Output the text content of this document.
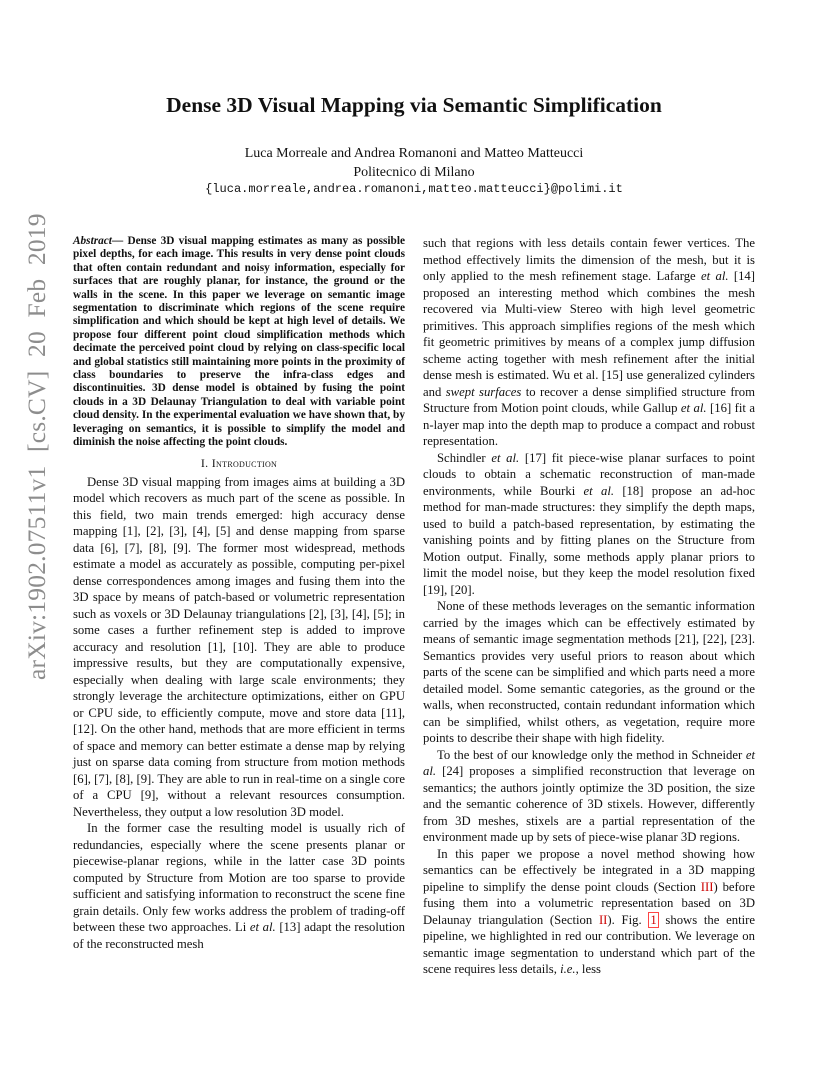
arXiv:1902.07511v1 [cs.CV] 20 Feb 2019
Dense 3D Visual Mapping via Semantic Simplification
Luca Morreale and Andrea Romanoni and Matteo Matteucci
Politecnico di Milano
{luca.morreale,andrea.romanoni,matteo.matteucci}@polimi.it

Abstract— Dense 3D visual mapping estimates as many as possible pixel depths, for each image. This results in very dense point clouds that often contain redundant and noisy information, especially for surfaces that are roughly planar, for instance, the ground or the walls in the scene. In this paper we leverage on semantic image segmentation to discriminate which regions of the scene require simplification and which should be kept at high level of details. We propose four different point cloud simplification methods which decimate the perceived point cloud by relying on class-specific local and global statistics still maintaining more points in the proximity of class boundaries to preserve the infra-class edges and discontinuities. 3D dense model is obtained by fusing the point clouds in a 3D Delaunay Triangulation to deal with variable point cloud density. In the experimental evaluation we have shown that, by leveraging on semantics, it is possible to simplify the model and diminish the noise affecting the point clouds.

I. Introduction

Dense 3D visual mapping from images aims at building a 3D model which recovers as much part of the scene as possible. In this field, two main trends emerged: high accuracy dense mapping [1], [2], [3], [4], [5] and dense mapping from sparse data [6], [7], [8], [9]. The former most widespread, methods estimate a model as accurately as possible, computing per-pixel dense correspondences among images and fusing them into the 3D space by means of patch-based or volumetric representation such as voxels or 3D Delaunay triangulations [2], [3], [4], [5]; in some cases a further refinement step is added to improve accuracy and resolution [1], [10]. They are able to produce impressive results, but they are computationally expensive, especially when dealing with large scale environments; they strongly leverage the architecture optimizations, either on GPU or CPU side, to efficiently compute, move and store data [11], [12]. On the other hand, methods that are more efficient in terms of space and memory can better estimate a dense map by relying just on sparse data coming from structure from motion methods [6], [7], [8], [9]. They are able to run in real-time on a single core of a CPU [9], without a relevant resources consumption. Nevertheless, they output a low resolution 3D model.

In the former case the resulting model is usually rich of redundancies, especially where the scene presents planar or piecewise-planar regions, while in the latter case 3D points computed by Structure from Motion are too sparse to provide sufficient and satisfying information to reconstruct the scene fine grain details. Only few works address the problem of trading-off between these two approaches. Li et al. [13] adapt the resolution of the reconstructed mesh

such that regions with less details contain fewer vertices. The method effectively limits the dimension of the mesh, but it is only applied to the mesh refinement stage. Lafarge et al. [14] proposed an interesting method which combines the mesh recovered via Multi-view Stereo with high level geometric primitives. This approach simplifies regions of the mesh which fit geometric primitives by means of a complex jump diffusion scheme acting together with mesh refinement after the initial dense mesh is estimated. Wu et al. [15] use generalized cylinders and swept surfaces to recover a dense simplified structure from Structure from Motion point clouds, while Gallup et al. [16] fit a n-layer map into the depth map to produce a compact and robust representation.

Schindler et al. [17] fit piece-wise planar surfaces to point clouds to obtain a schematic reconstruction of man-made environments, while Bourki et al. [18] propose an ad-hoc method for man-made structures: they simplify the depth maps, used to build a patch-based representation, by estimating the vanishing points and by fitting planes on the Structure from Motion output. Finally, some methods apply planar priors to limit the model noise, but they keep the model resolution fixed [19], [20].

None of these methods leverages on the semantic information carried by the images which can be effectively estimated by means of semantic image segmentation methods [21], [22], [23]. Semantics provides very useful priors to reason about which parts of the scene can be simplified and which parts need a more detailed model. Some semantic categories, as the ground or the walls, when reconstructed, contain redundant information which can be simplified, whilst others, as vegetation, require more points to describe their shape with high fidelity.

To the best of our knowledge only the method in Schneider et al. [24] proposes a simplified reconstruction that leverage on semantics; the authors jointly optimize the 3D position, the size and the semantic coherence of 3D stixels. However, differently from 3D meshes, stixels are a partial representation of the environment made up by sets of piece-wise planar 3D regions.

In this paper we propose a novel method showing how semantics can be effectively be integrated in a 3D mapping pipeline to simplify the dense point clouds (Section III) before fusing them into a volumetric representation based on 3D Delaunay triangulation (Section II). Fig. 1 shows the entire pipeline, we highlighted in red our contribution. We leverage on semantic image segmentation to understand which part of the scene requires less details, i.e., less
